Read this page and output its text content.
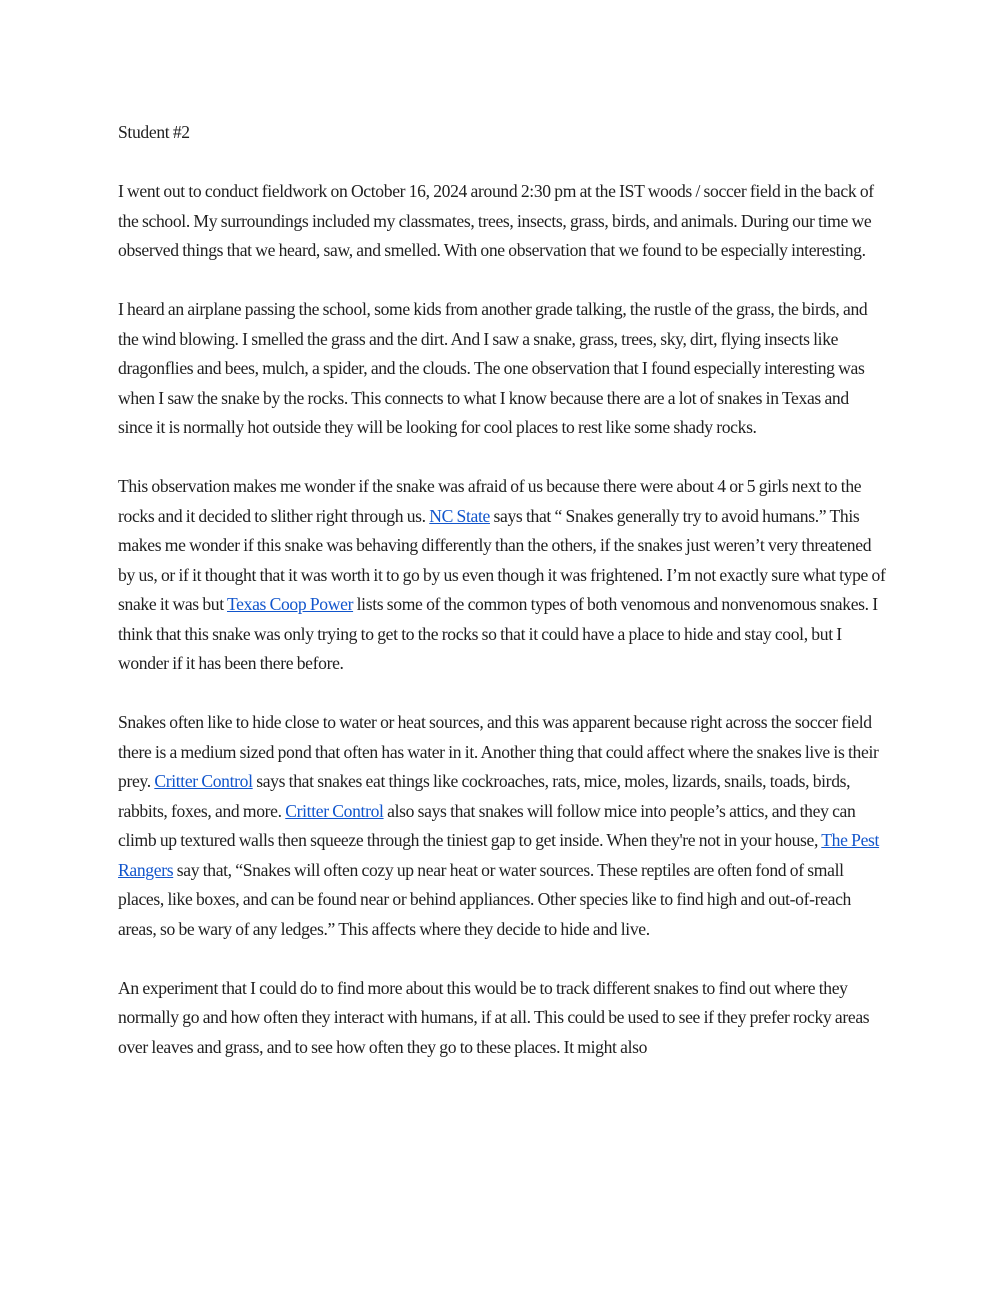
Student #2

I went out to conduct fieldwork on October 16, 2024 around 2:30 pm at the IST woods / soccer field in the back of the school. My surroundings included my classmates, trees, insects, grass, birds, and animals. During our time we observed things that we heard, saw, and smelled. With one observation that we found to be especially interesting.

I heard an airplane passing the school, some kids from another grade talking, the rustle of the grass, the birds, and the wind blowing. I smelled the grass and the dirt. And I saw a snake, grass, trees, sky, dirt, flying insects like dragonflies and bees, mulch, a spider, and the clouds. The one observation that I found especially interesting was when I saw the snake by the rocks. This connects to what I know because there are a lot of snakes in Texas and since it is normally hot outside they will be looking for cool places to rest like some shady rocks.

This observation makes me wonder if the snake was afraid of us because there were about 4 or 5 girls next to the rocks and it decided to slither right through us. NC State says that “ Snakes generally try to avoid humans.” This makes me wonder if this snake was behaving differently than the others, if the snakes just weren’t very threatened by us, or if it thought that it was worth it to go by us even though it was frightened. I’m not exactly sure what type of snake it was but Texas Coop Power lists some of the common types of both venomous and nonvenomous snakes. I think that this snake was only trying to get to the rocks so that it could have a place to hide and stay cool, but I wonder if it has been there before.

Snakes often like to hide close to water or heat sources, and this was apparent because right across the soccer field there is a medium sized pond that often has water in it. Another thing that could affect where the snakes live is their prey. Critter Control says that snakes eat things like cockroaches, rats, mice, moles, lizards, snails, toads, birds, rabbits, foxes, and more. Critter Control also says that snakes will follow mice into people’s attics, and they can climb up textured walls then squeeze through the tiniest gap to get inside. When they're not in your house, The Pest Rangers say that, “Snakes will often cozy up near heat or water sources. These reptiles are often fond of small places, like boxes, and can be found near or behind appliances. Other species like to find high and out-of-reach areas, so be wary of any ledges.” This affects where they decide to hide and live.

An experiment that I could do to find more about this would be to track different snakes to find out where they normally go and how often they interact with humans, if at all. This could be used to see if they prefer rocky areas over leaves and grass, and to see how often they go to these places. It might also
